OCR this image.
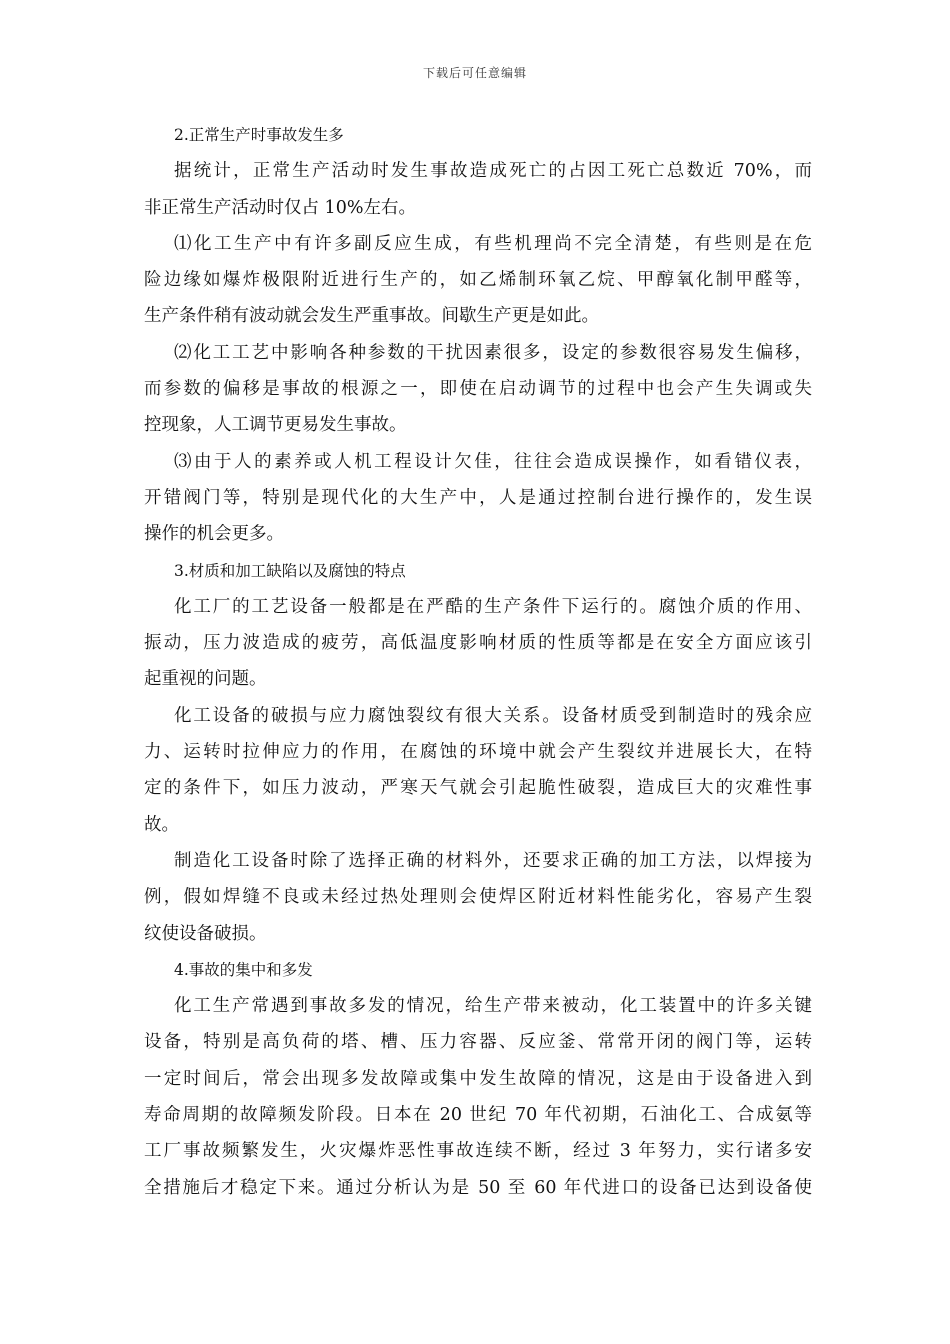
下载后可任意编辑
2.正常生产时事故发生多
据统计，正常生产活动时发生事故造成死亡的占因工死亡总数近 70%，而
非正常生产活动时仅占 10%左右。
⑴化工生产中有许多副反应生成，有些机理尚不完全清楚，有些则是在危
险边缘如爆炸极限附近进行生产的，如乙烯制环氧乙烷、甲醇氧化制甲醛等，
生产条件稍有波动就会发生严重事故。间歇生产更是如此。
⑵化工工艺中影响各种参数的干扰因素很多，设定的参数很容易发生偏移，
而参数的偏移是事故的根源之一，即使在启动调节的过程中也会产生失调或失
控现象，人工调节更易发生事故。
⑶由于人的素养或人机工程设计欠佳，往往会造成误操作，如看错仪表，
开错阀门等，特别是现代化的大生产中，人是通过控制台进行操作的，发生误
操作的机会更多。
3.材质和加工缺陷以及腐蚀的特点
化工厂的工艺设备一般都是在严酷的生产条件下运行的。腐蚀介质的作用、
振动，压力波造成的疲劳，高低温度影响材质的性质等都是在安全方面应该引
起重视的问题。
化工设备的破损与应力腐蚀裂纹有很大关系。设备材质受到制造时的残余应
力、运转时拉伸应力的作用，在腐蚀的环境中就会产生裂纹并进展长大，在特
定的条件下，如压力波动，严寒天气就会引起脆性破裂，造成巨大的灾难性事
故。
制造化工设备时除了选择正确的材料外，还要求正确的加工方法，以焊接为
例，假如焊缝不良或未经过热处理则会使焊区附近材料性能劣化，容易产生裂
纹使设备破损。
4.事故的集中和多发
化工生产常遇到事故多发的情况，给生产带来被动，化工装置中的许多关键
设备，特别是高负荷的塔、槽、压力容器、反应釜、常常开闭的阀门等，运转
一定时间后，常会出现多发故障或集中发生故障的情况，这是由于设备进入到
寿命周期的故障频发阶段。日本在 20 世纪 70 年代初期，石油化工、合成氨等
工厂事故频繁发生，火灾爆炸恶性事故连续不断，经过 3 年努力，实行诸多安
全措施后才稳定下来。通过分析认为是 50 至 60 年代进口的设备已达到设备使
